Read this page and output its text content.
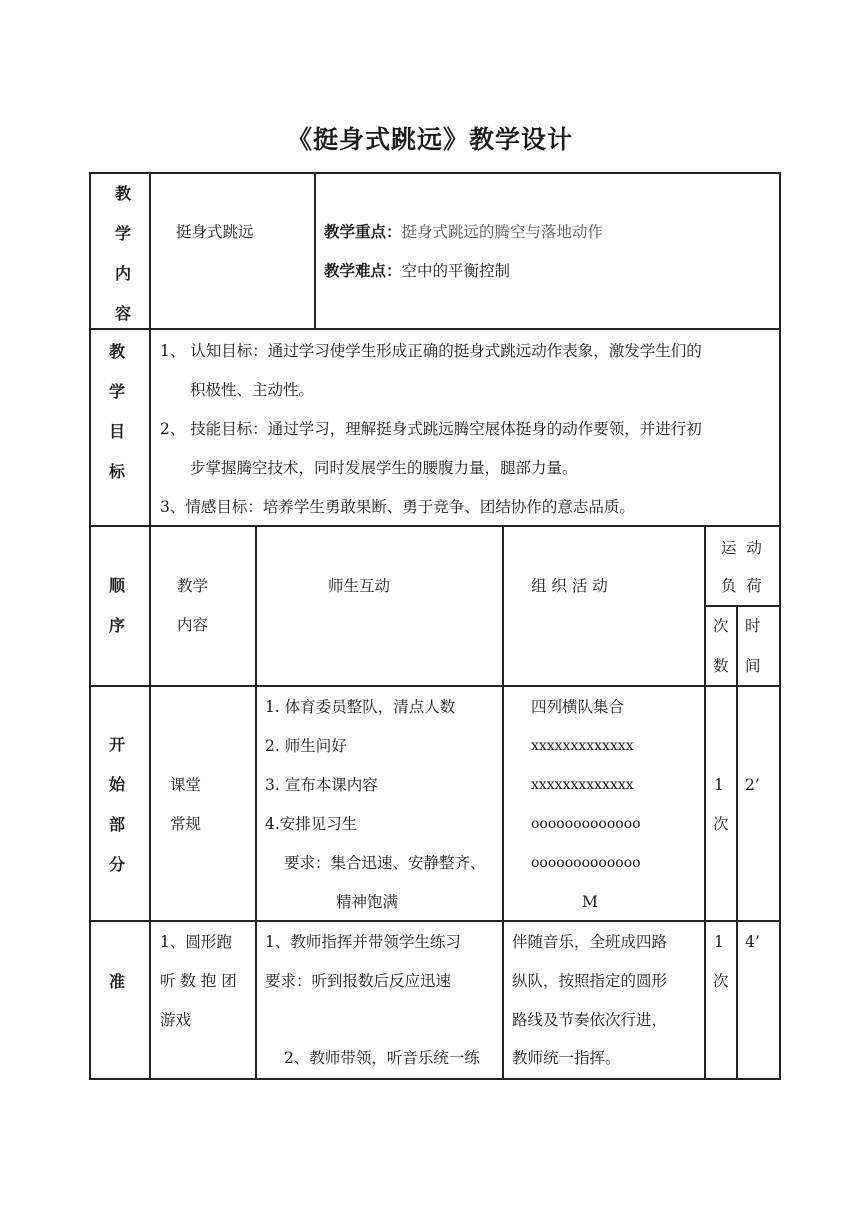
《挺身式跳远》教学设计
教
学
内
容
挺身式跳远	教学重点：挺身式跳远的腾空与落地动作
教学难点：空中的平衡控制
教
学
目
标
1、 认知目标：通过学习使学生形成正确的挺身式跳远动作表象，激发学生们的
积极性、主动性。
2、 技能目标：通过学习，理解挺身式跳远腾空展体挺身的动作要领，并进行初
步掌握腾空技术，同时发展学生的腰腹力量，腿部力量。
3、情感目标：培养学生勇敢果断、勇于竞争、团结协作的意志品质。
顺
序
教学
内容
师生互动	组 织 活 动
运  动
负  荷
次
数
时
间
开
始
部
分
课堂
常规
1. 体育委员整队，清点人数
2. 师生问好
3. 宣布本课内容
4.安排见习生
要求：集合迅速、安静整齐、
精神饱满
四列横队集合
xxxxxxxxxxxxx
xxxxxxxxxxxxx
ooooooooooooo
ooooooooooooo
M
1
次
2’
准
1、圆形跑
听 数 抱 团
游戏
1、教师指挥并带领学生练习
要求：听到报数后反应迅速
2、教师带领，听音乐统一练
伴随音乐，全班成四路
纵队，按照指定的圆形
路线及节奏依次行进，
教师统一指挥。
1
次
4’
